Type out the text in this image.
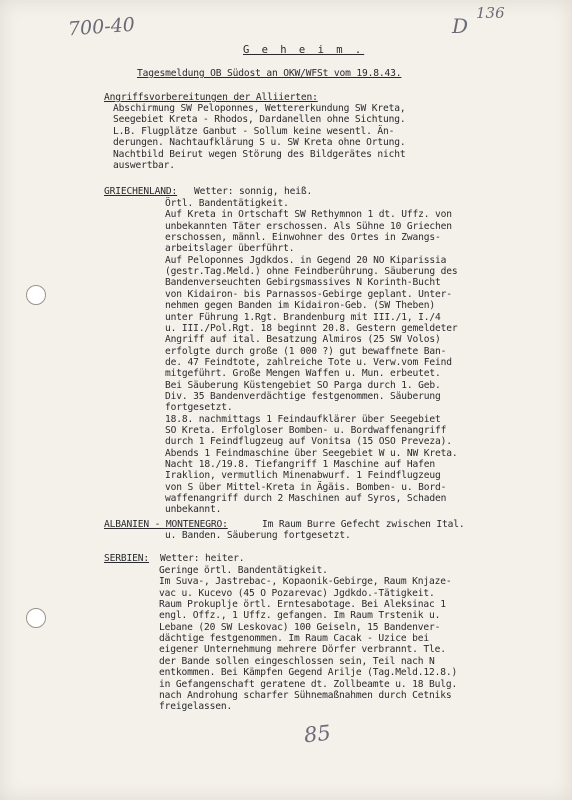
700-40	D
136
85
G e h e i m .
Tagesmeldung OB Südost an OKW/WFSt vom 19.8.43.
Angriffsvorbereitungen der Alliierten:
Abschirmung SW Peloponnes, Wettererkundung SW Kreta,
Seegebiet Kreta - Rhodos, Dardanellen ohne Sichtung.
L.B. Flugplätze Ganbut - Sollum keine wesentl. Än-
derungen. Nachtaufklärung S u. SW Kreta ohne Ortung.
Nachtbild Beirut wegen Störung des Bildgerätes nicht
auswertbar.
GRIECHENLAND: Wetter: sonnig, heiß.
Örtl. Bandentätigkeit.
Auf Kreta in Ortschaft SW Rethymnon 1 dt. Uffz. von
unbekannten Täter erschossen. Als Sühne 10 Griechen
erschossen, männl. Einwohner des Ortes in Zwangs-
arbeitslager überführt.
Auf Peloponnes Jgdkdos. in Gegend 20 NO Kiparissia
(gestr.Tag.Meld.) ohne Feindberührung. Säuberung des
Bandenverseuchten Gebirgsmassives N Korinth-Bucht
von Kidairon- bis Parnassos-Gebirge geplant. Unter-
nehmen gegen Banden im Kidairon-Geb. (SW Theben)
unter Führung 1.Rgt. Brandenburg mit III./1, I./4
u. III./Pol.Rgt. 18 beginnt 20.8. Gestern gemeldeter
Angriff auf ital. Besatzung Almiros (25 SW Volos)
erfolgte durch große (1 000 ?) gut bewaffnete Ban-
de. 47 Feindtote, zahlreiche Tote u. Verw.vom Feind
mitgeführt. Große Mengen Waffen u. Mun. erbeutet.
Bei Säuberung Küstengebiet SO Parga durch 1. Geb.
Div. 35 Bandenverdächtige festgenommen. Säuberung
fortgesetzt.
18.8. nachmittags 1 Feindaufklärer über Seegebiet
SO Kreta. Erfolgloser Bomben- u. Bordwaffenangriff
durch 1 Feindflugzeug auf Vonitsa (15 OSO Preveza).
Abends 1 Feindmaschine über Seegebiet W u. NW Kreta.
Nacht 18./19.8. Tiefangriff 1 Maschine auf Hafen
Iraklion, vermutlich Minenabwurf. 1 Feindflugzeug
von S über Mittel-Kreta in Ägäis. Bomben- u. Bord-
waffenangriff durch 2 Maschinen auf Syros, Schaden
unbekannt.
ALBANIEN - MONTENEGRO:	Im Raum Burre Gefecht zwischen Ital.
u. Banden. Säuberung fortgesetzt.
SERBIEN: Wetter: heiter.
Geringe örtl. Bandentätigkeit.
Im Suva-, Jastrebac-, Kopaonik-Gebirge, Raum Knjaze-
vac u. Kucevo (45 O Pozarevac) Jgdkdo.-Tätigkeit.
Raum Prokuplje örtl. Erntesabotage. Bei Aleksinac 1
engl. Offz., 1 Uffz. gefangen. Im Raum Trstenik u.
Lebane (20 SW Leskovac) 100 Geiseln, 15 Bandenver-
dächtige festgenommen. Im Raum Cacak - Uzice bei
eigener Unternehmung mehrere Dörfer verbrannt. Tle.
der Bande sollen eingeschlossen sein, Teil nach N
entkommen. Bei Kämpfen Gegend Arilje (Tag.Meld.12.8.)
in Gefangenschaft geratene dt. Zollbeamte u. 18 Bulg.
nach Androhung scharfer Sühnemaßnahmen durch Cetniks
freigelassen.
